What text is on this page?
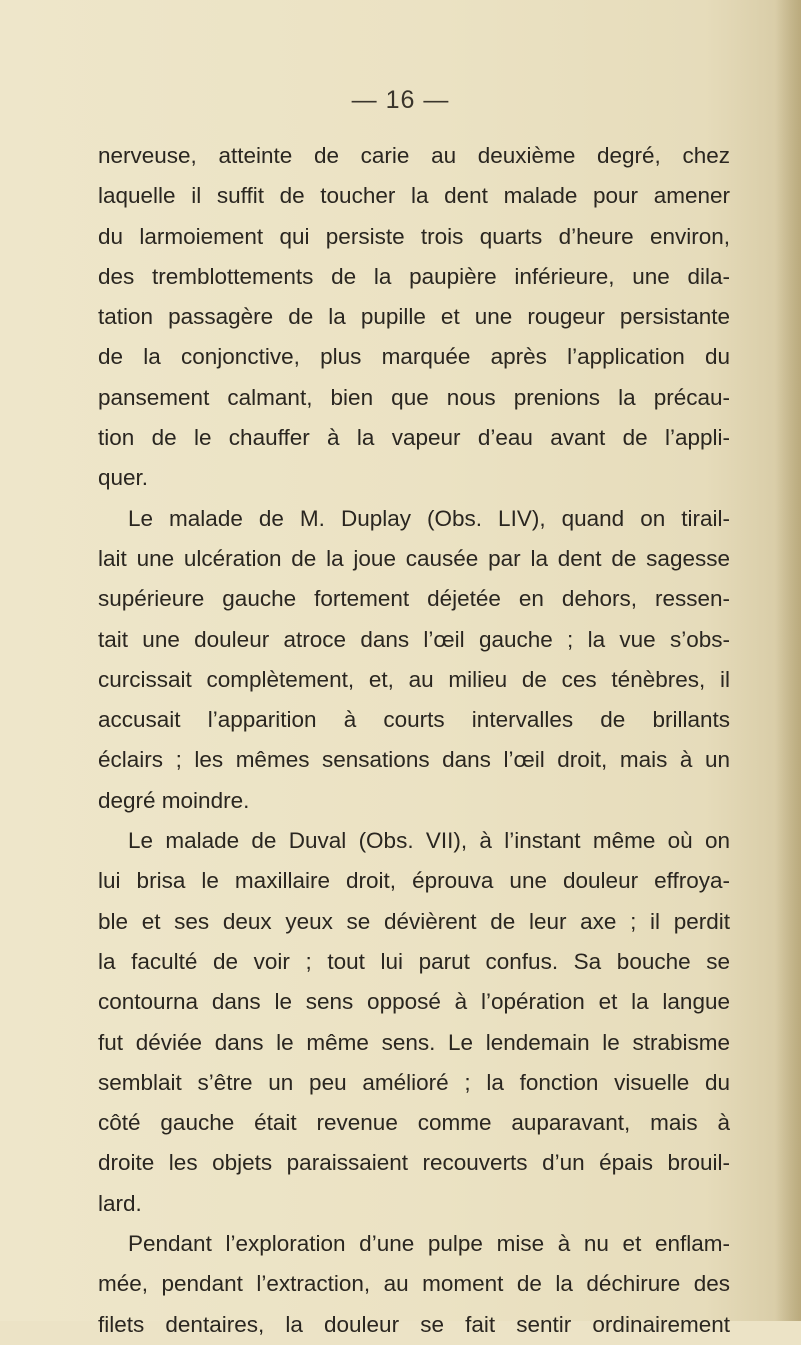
— 16 —
nerveuse, atteinte de carie au deuxième degré, chez
laquelle il suffit de toucher la dent malade pour amener
du larmoiement qui persiste trois quarts d’heure environ,
des tremblottements de la paupière inférieure, une dila-
tation passagère de la pupille et une rougeur persistante
de la conjonctive, plus marquée après l’application du
pansement calmant, bien que nous prenions la précau-
tion de le chauffer à la vapeur d’eau avant de l’appli-
quer.
Le malade de M. Duplay (Obs. LIV), quand on tirail-
lait une ulcération de la joue causée par la dent de sagesse
supérieure gauche fortement déjetée en dehors, ressen-
tait une douleur atroce dans l’œil gauche ; la vue s’obs-
curcissait complètement, et, au milieu de ces ténèbres, il
accusait l’apparition à courts intervalles de brillants
éclairs ; les mêmes sensations dans l’œil droit, mais à un
degré moindre.
Le malade de Duval (Obs. VII), à l’instant même où on
lui brisa le maxillaire droit, éprouva une douleur effroya-
ble et ses deux yeux se dévièrent de leur axe ; il perdit
la faculté de voir ; tout lui parut confus. Sa bouche se
contourna dans le sens opposé à l’opération et la langue
fut déviée dans le même sens. Le lendemain le strabisme
semblait s’être un peu amélioré ; la fonction visuelle du
côté gauche était revenue comme auparavant, mais à
droite les objets paraissaient recouverts d’un épais brouil-
lard.
Pendant l’exploration d’une pulpe mise à nu et enflam-
mée, pendant l’extraction, au moment de la déchirure des
filets dentaires, la douleur se fait sentir ordinairement
